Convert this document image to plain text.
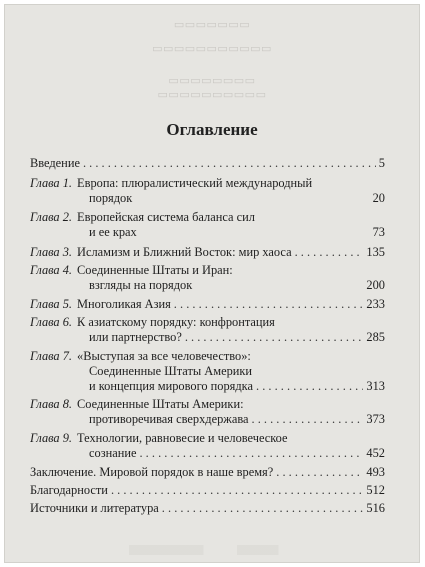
▭▭▭▭▭▭▭
▭▭▭▭▭▭▭▭▭▭▭
▭▭▭▭▭▭▭▭
▭▭▭▭▭▭▭▭▭▭
Оглавление
Введение . . .	5
Глава 1. Европа: плюралистический международный
порядок	20
Глава 2. Европейская система баланса сил
и ее крах	73
Глава 3. Исламизм и Ближний Восток: мир хаоса . . .	135
Глава 4. Соединенные Штаты и Иран:
взгляды на порядок	200
Глава 5. Многоликая Азия . . .	233
Глава 6. К азиатскому порядку: конфронтация
или партнерство? . . .	285
Глава 7. «Выступая за все человечество»:
Соединенные Штаты Америки
и концепция мирового порядка . . .	313
Глава 8. Соединенные Штаты Америки:
противоречивая сверхдержава . . .	373
Глава 9. Технологии, равновесие и человеческое
сознание . . .	452
Заключение. Мировой порядок в наше время? . . .	493
Благодарности . . .	512
Источники и литература . . .	516
